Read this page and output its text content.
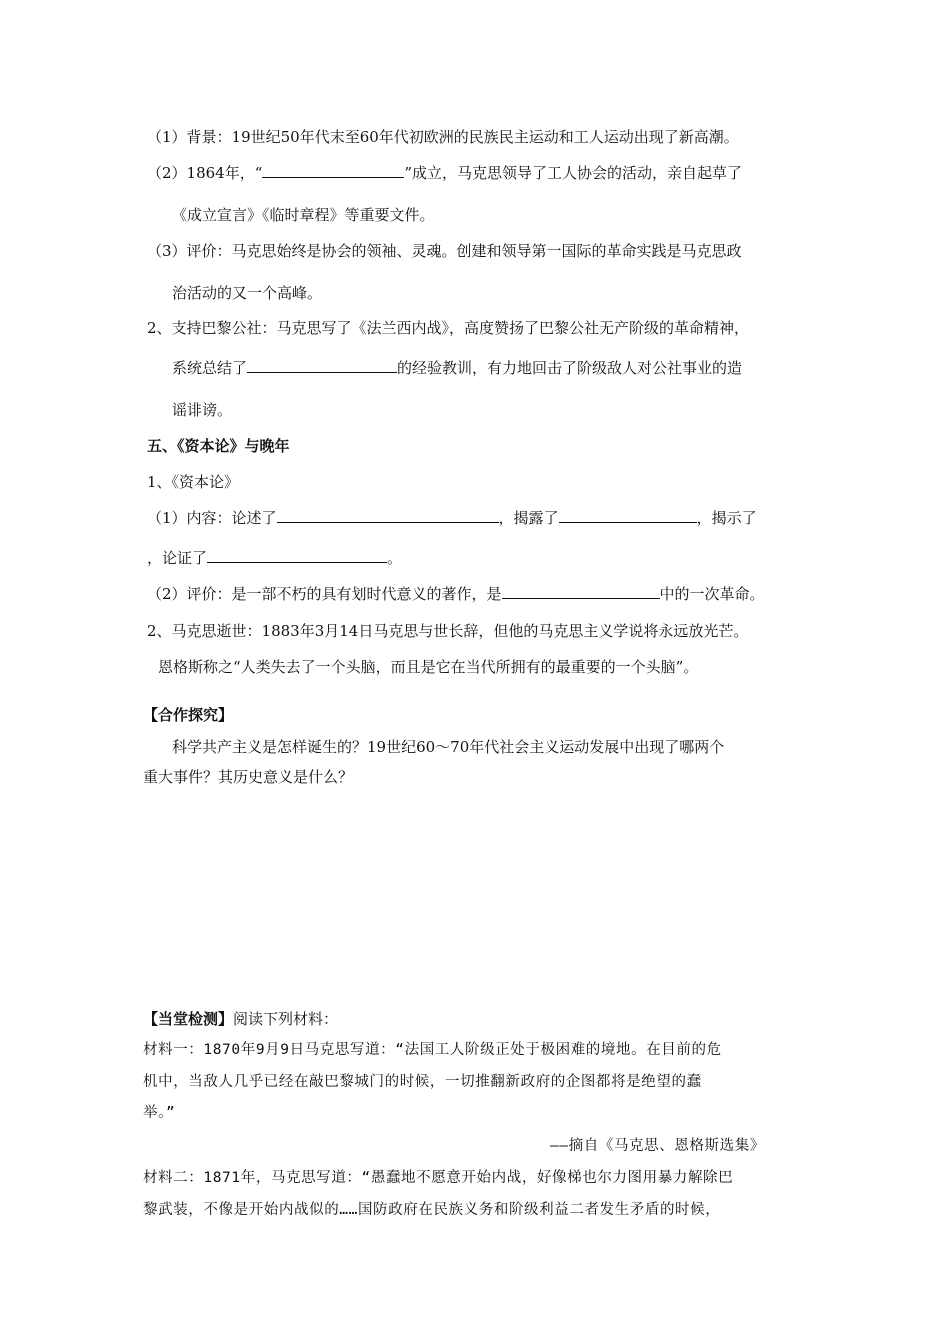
（1）背景：19世纪50年代末至60年代初欧洲的民族民主运动和工人运动出现了新高潮。
（2）1864年，“	”成立，马克思领导了工人协会的活动，亲自起草了
《成立宣言》《临时章程》等重要文件。
（3）评价：马克思始终是协会的领袖、灵魂。创建和领导第一国际的革命实践是马克思政
治活动的又一个高峰。
2、支持巴黎公社：马克思写了《法兰西内战》，高度赞扬了巴黎公社无产阶级的革命精神，
系统总结了	的经验教训，有力地回击了阶级敌人对公社事业的造
谣诽谤。
五、《资本论》与晚年
1、《资本论》
（1）内容：论述了	，揭露了	，揭示了
，论证了	。
（2）评价：是一部不朽的具有划时代意义的著作，是	中的一次革命。
2、马克思逝世：1883年3月14日马克思与世长辞，但他的马克思主义学说将永远放光芒。
恩格斯称之“人类失去了一个头脑，而且是它在当代所拥有的最重要的一个头脑”。
【合作探究】
科学共产主义是怎样诞生的？19世纪60～70年代社会主义运动发展中出现了哪两个
重大事件？其历史意义是什么？
【当堂检测】阅读下列材料：
材料一：1870年9月9日马克思写道：“法国工人阶级正处于极困难的境地。在目前的危
机中，当敌人几乎已经在敲巴黎城门的时候，一切推翻新政府的企图都将是绝望的蠢
举。”
——摘自《马克思、恩格斯选集》
材料二：1871年，马克思写道：“愚蠢地不愿意开始内战，好像梯也尔力图用暴力解除巴
黎武装，不像是开始内战似的……国防政府在民族义务和阶级利益二者发生矛盾的时候，
